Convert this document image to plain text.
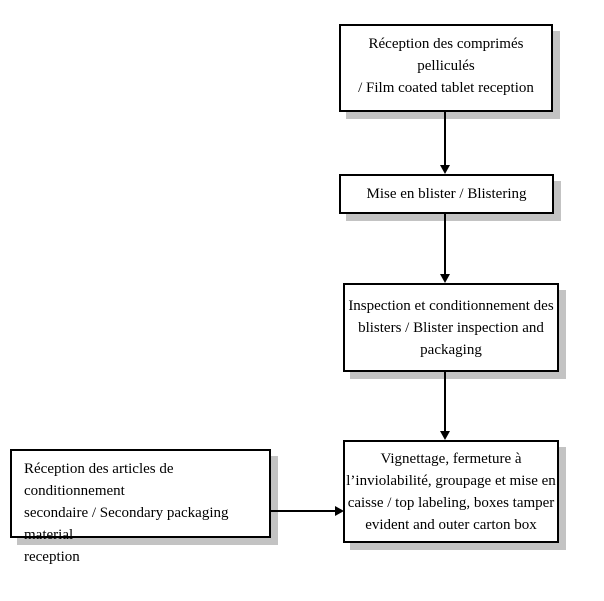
Réception des comprimés pelliculés
/ Film coated tablet reception
Mise en blister / Blistering
Inspection et conditionnement des
blisters / Blister inspection and
packaging
Réception des articles de conditionnement
secondaire / Secondary packaging material
reception
Vignettage, fermeture à
l’inviolabilité, groupage et mise en
caisse / top labeling, boxes tamper
evident and outer carton box
